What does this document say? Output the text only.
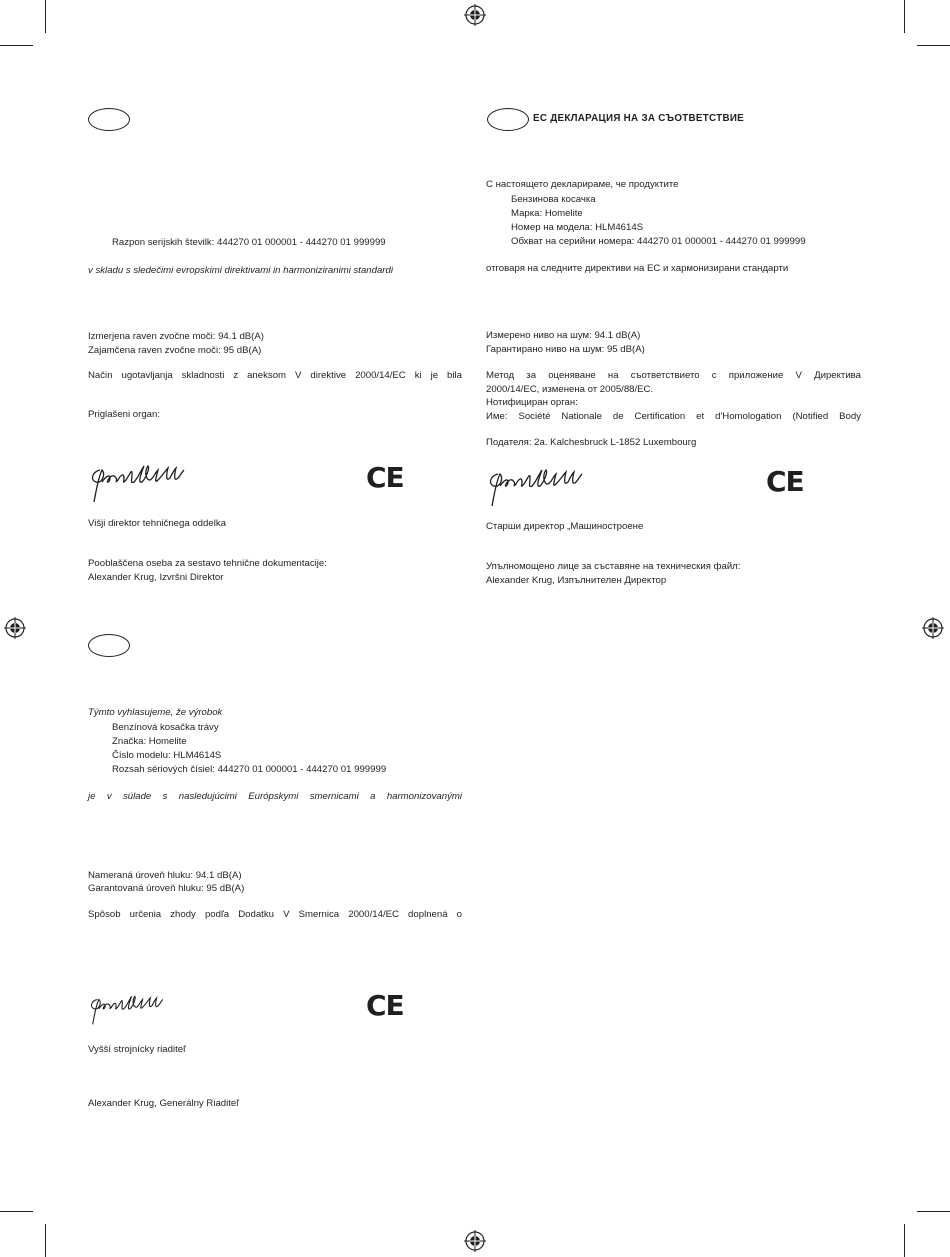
Razpon serijskih številk: 444270 01 000001 - 444270 01 999999
v skladu s sledečimi evropskimi direktivami in harmoniziranimi standardi
Izmerjena raven zvočne moči: 94.1 dB(A)
Zajamčena raven zvočne moči: 95 dB(A)
Način ugotavljanja skladnosti z aneksom V direktive 2000/14/EC ki je bila
Priglašeni organ:
CE
Višji direktor tehničnega oddelka
Pooblaščena oseba za sestavo tehnične dokumentacije:
Alexander Krug, Izvršni Direktor
Týmto vyhlasujeme, že výrobok
Benzínová kosačka trávy
Značka: Homelite
Číslo modelu: HLM4614S
Rozsah sériových čísiel: 444270 01 000001 - 444270 01 999999
je v súlade s nasledujúcimi Európskymi smernicami a harmonizovanými
Nameraná úroveň hluku: 94.1 dB(A)
Garantovaná úroveň hluku: 95 dB(A)
Spôsob určenia zhody podľa Dodatku V Smernica 2000/14/EC doplnená o
CE
Vyšší strojnícky riaditeľ
Alexander Krug, Generálny Riaditeľ
ЕС ДЕКЛАРАЦИЯ НА ЗА СЪОТВЕТСТВИЕ
С настоящето декларираме, че продуктите
Бензинова косачка
Марка: Homelite
Номер на модела: HLM4614S
Обхват на серийни номера: 444270 01 000001 - 444270 01 999999
отговаря на следните директиви на ЕС и хармонизирани стандарти
Измерено ниво на шум: 94.1 dB(A)
Гарантирано ниво на шум: 95 dB(A)
Метод за оценяване на съответствието с приложение V Директива
2000/14/EC, изменена от 2005/88/EC.
Нотифициран орган:
Име: Société Nationale de Certification et d'Homologation (Notified Body
Подателя: 2a. Kalchesbruck L-1852 Luxembourg
CE
Старши директор „Машиностроене
Упълномощено лице за съставяне на техническия файл:
Alexander Krug, Изпълнителен Директор
